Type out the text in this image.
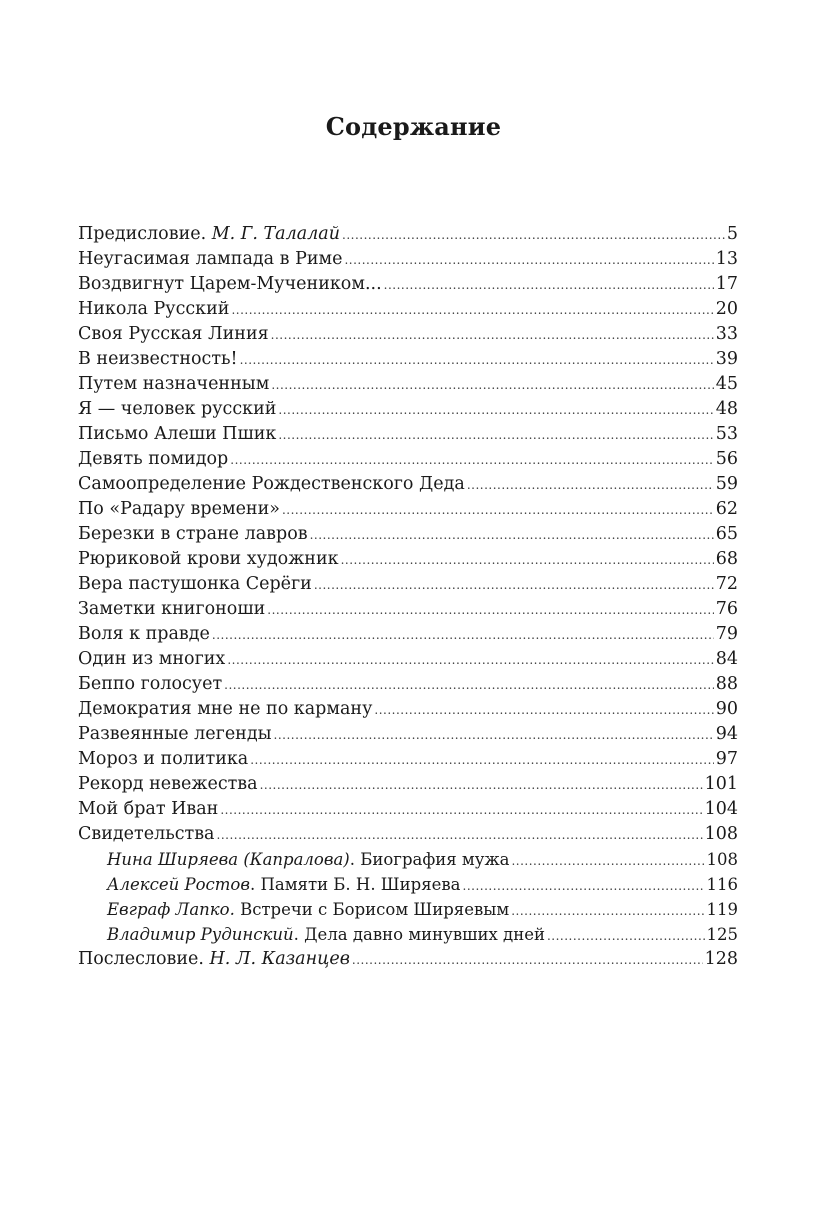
Содержание
Предисловие. М. Г. Талалай .....	5
Неугасимая лампада в Риме .....	13
Воздвигнут Царем-Мучеником... .....	17
Никола Русский .....	20
Своя Русская Линия .....	33
В неизвестность! .....	39
Путем назначенным .....	45
Я — человек русский .....	48
Письмо Алеши Пшик .....	53
Девять помидор .....	56
Самоопределение Рождественского Деда .....	59
По «Радару времени» .....	62
Березки в стране лавров .....	65
Рюриковой крови художник .....	68
Вера пастушонка Серёги .....	72
Заметки книгоноши .....	76
Воля к правде .....	79
Один из многих .....	84
Беппо голосует .....	88
Демократия мне не по карману .....	90
Развеянные легенды .....	94
Мороз и политика .....	97
Рекорд невежества .....	101
Мой брат Иван .....	104
Свидетельства .....	108
Нина Ширяева (Капралова). Биография мужа .....	108
Алексей Ростов. Памяти Б. Н. Ширяева .....	116
Евграф Лапко. Встречи с Борисом Ширяевым .....	119
Владимир Рудинский. Дела давно минувших дней .....	125
Послесловие. Н. Л. Казанцев .....	128
